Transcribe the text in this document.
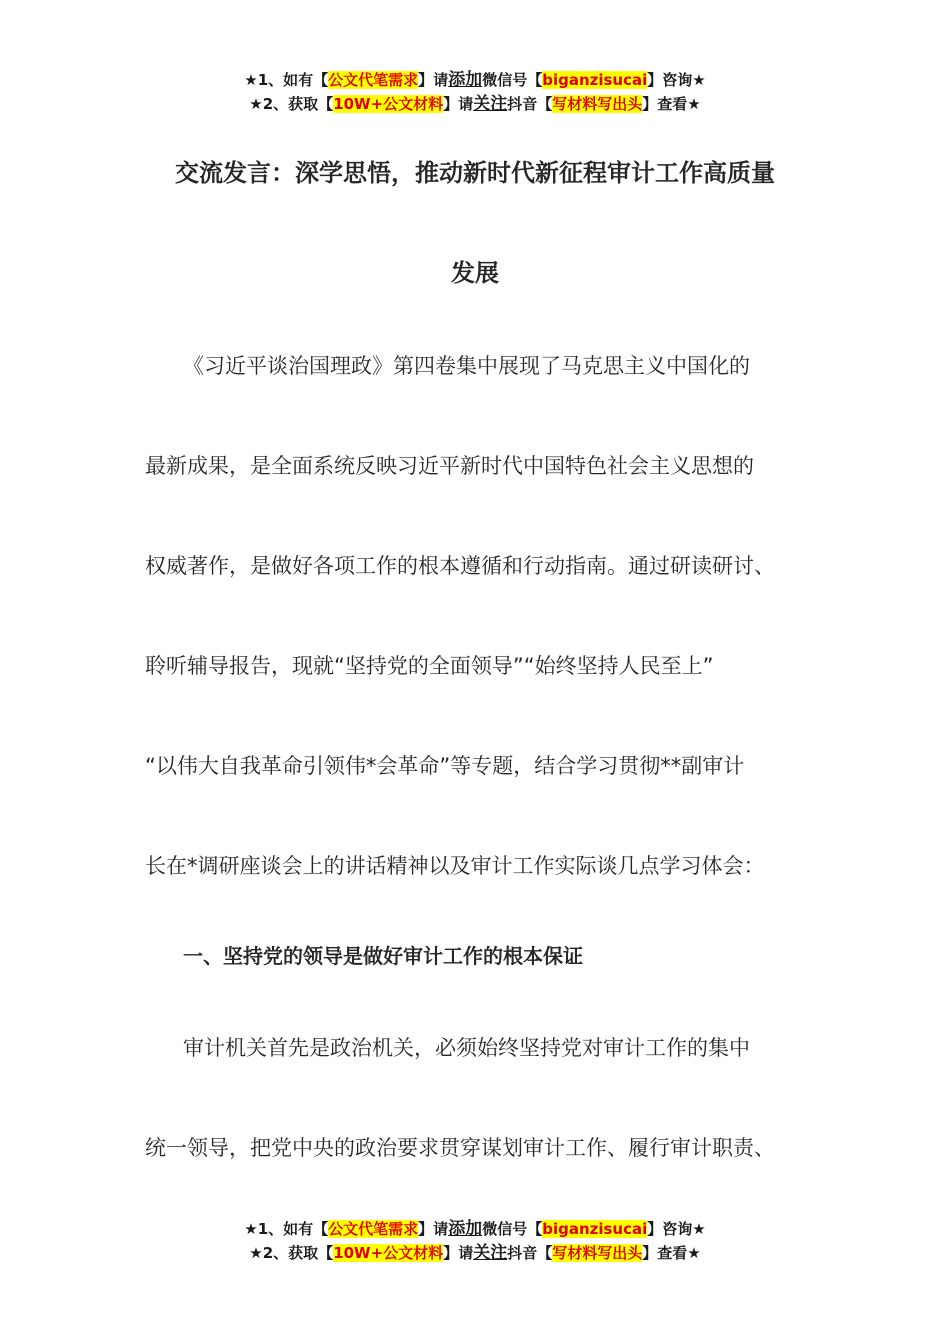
★1、如有【公文代笔需求】请添加微信号【biganzisucai】咨询★
★2、获取【10W+公文材料】请关注抖音【写材料写出头】查看★
交流发言：深学思悟，推动新时代新征程审计工作高质量
发展
《习近平谈治国理政》第四卷集中展现了马克思主义中国化的
最新成果，是全面系统反映习近平新时代中国特色社会主义思想的
权威著作，是做好各项工作的根本遵循和行动指南。通过研读研讨、
聆听辅导报告，现就“坚持党的全面领导”“始终坚持人民至上”
“以伟大自我革命引领伟*会革命”等专题，结合学习贯彻**副审计
长在*调研座谈会上的讲话精神以及审计工作实际谈几点学习体会：
一、坚持党的领导是做好审计工作的根本保证
审计机关首先是政治机关，必须始终坚持党对审计工作的集中
统一领导，把党中央的政治要求贯穿谋划审计工作、履行审计职责、
★1、如有【公文代笔需求】请添加微信号【biganzisucai】咨询★
★2、获取【10W+公文材料】请关注抖音【写材料写出头】查看★
